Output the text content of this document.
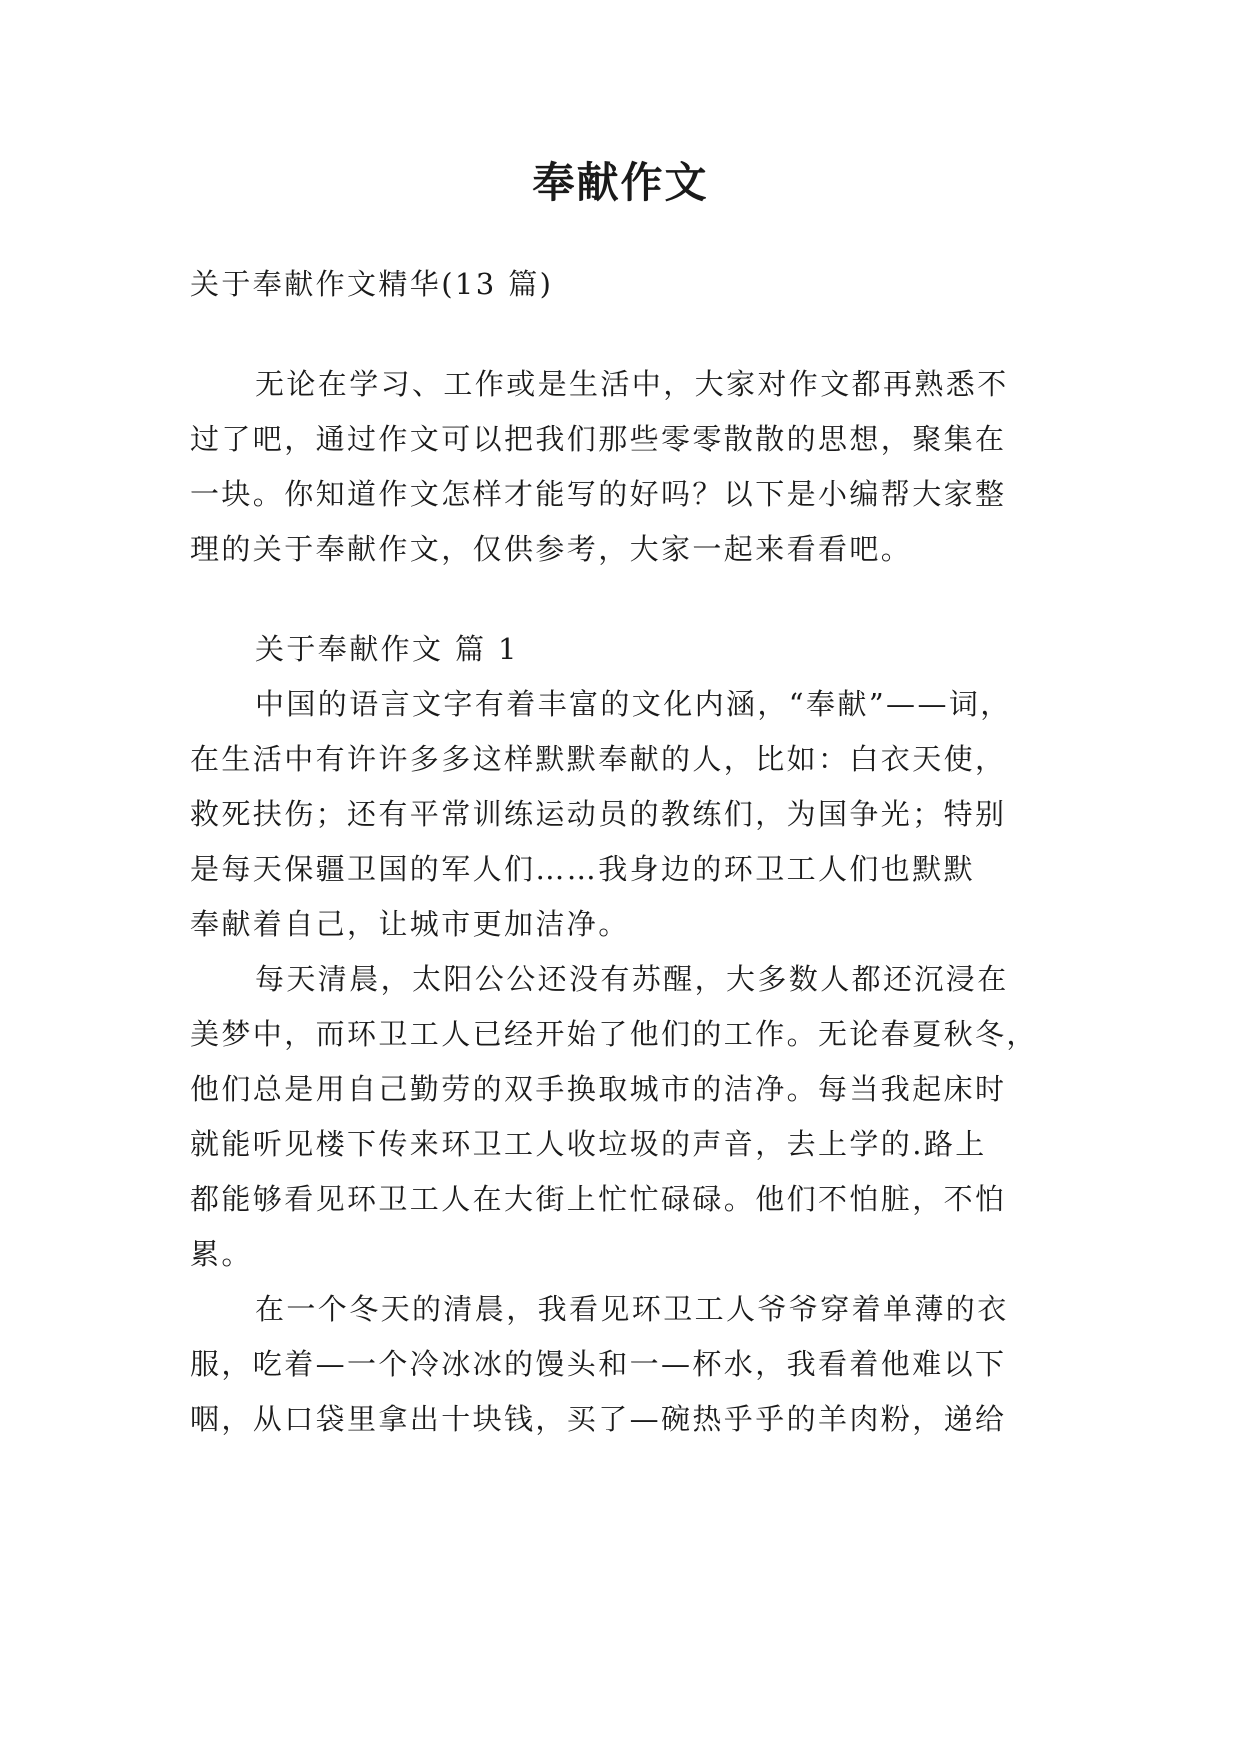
奉献作文
关于奉献作文精华(13 篇)
无论在学习、工作或是生活中，大家对作文都再熟悉不
过了吧，通过作文可以把我们那些零零散散的思想，聚集在
一块。你知道作文怎样才能写的好吗？以下是小编帮大家整
理的关于奉献作文，仅供参考，大家一起来看看吧。
关于奉献作文 篇 1
中国的语言文字有着丰富的文化内涵，“奉献”——词，
在生活中有许许多多这样默默奉献的人，比如：白衣天使，
救死扶伤；还有平常训练运动员的教练们，为国争光；特别
是每天保疆卫国的军人们……我身边的环卫工人们也默默
奉献着自己，让城市更加洁净。
每天清晨，太阳公公还没有苏醒，大多数人都还沉浸在
美梦中，而环卫工人已经开始了他们的工作。无论春夏秋冬，
他们总是用自己勤劳的双手换取城市的洁净。每当我起床时
就能听见楼下传来环卫工人收垃圾的声音，去上学的.路上
都能够看见环卫工人在大街上忙忙碌碌。他们不怕脏，不怕
累。
在一个冬天的清晨，我看见环卫工人爷爷穿着单薄的衣
服，吃着—一个冷冰冰的馒头和一—杯水，我看着他难以下
咽，从口袋里拿出十块钱，买了—碗热乎乎的羊肉粉，递给
